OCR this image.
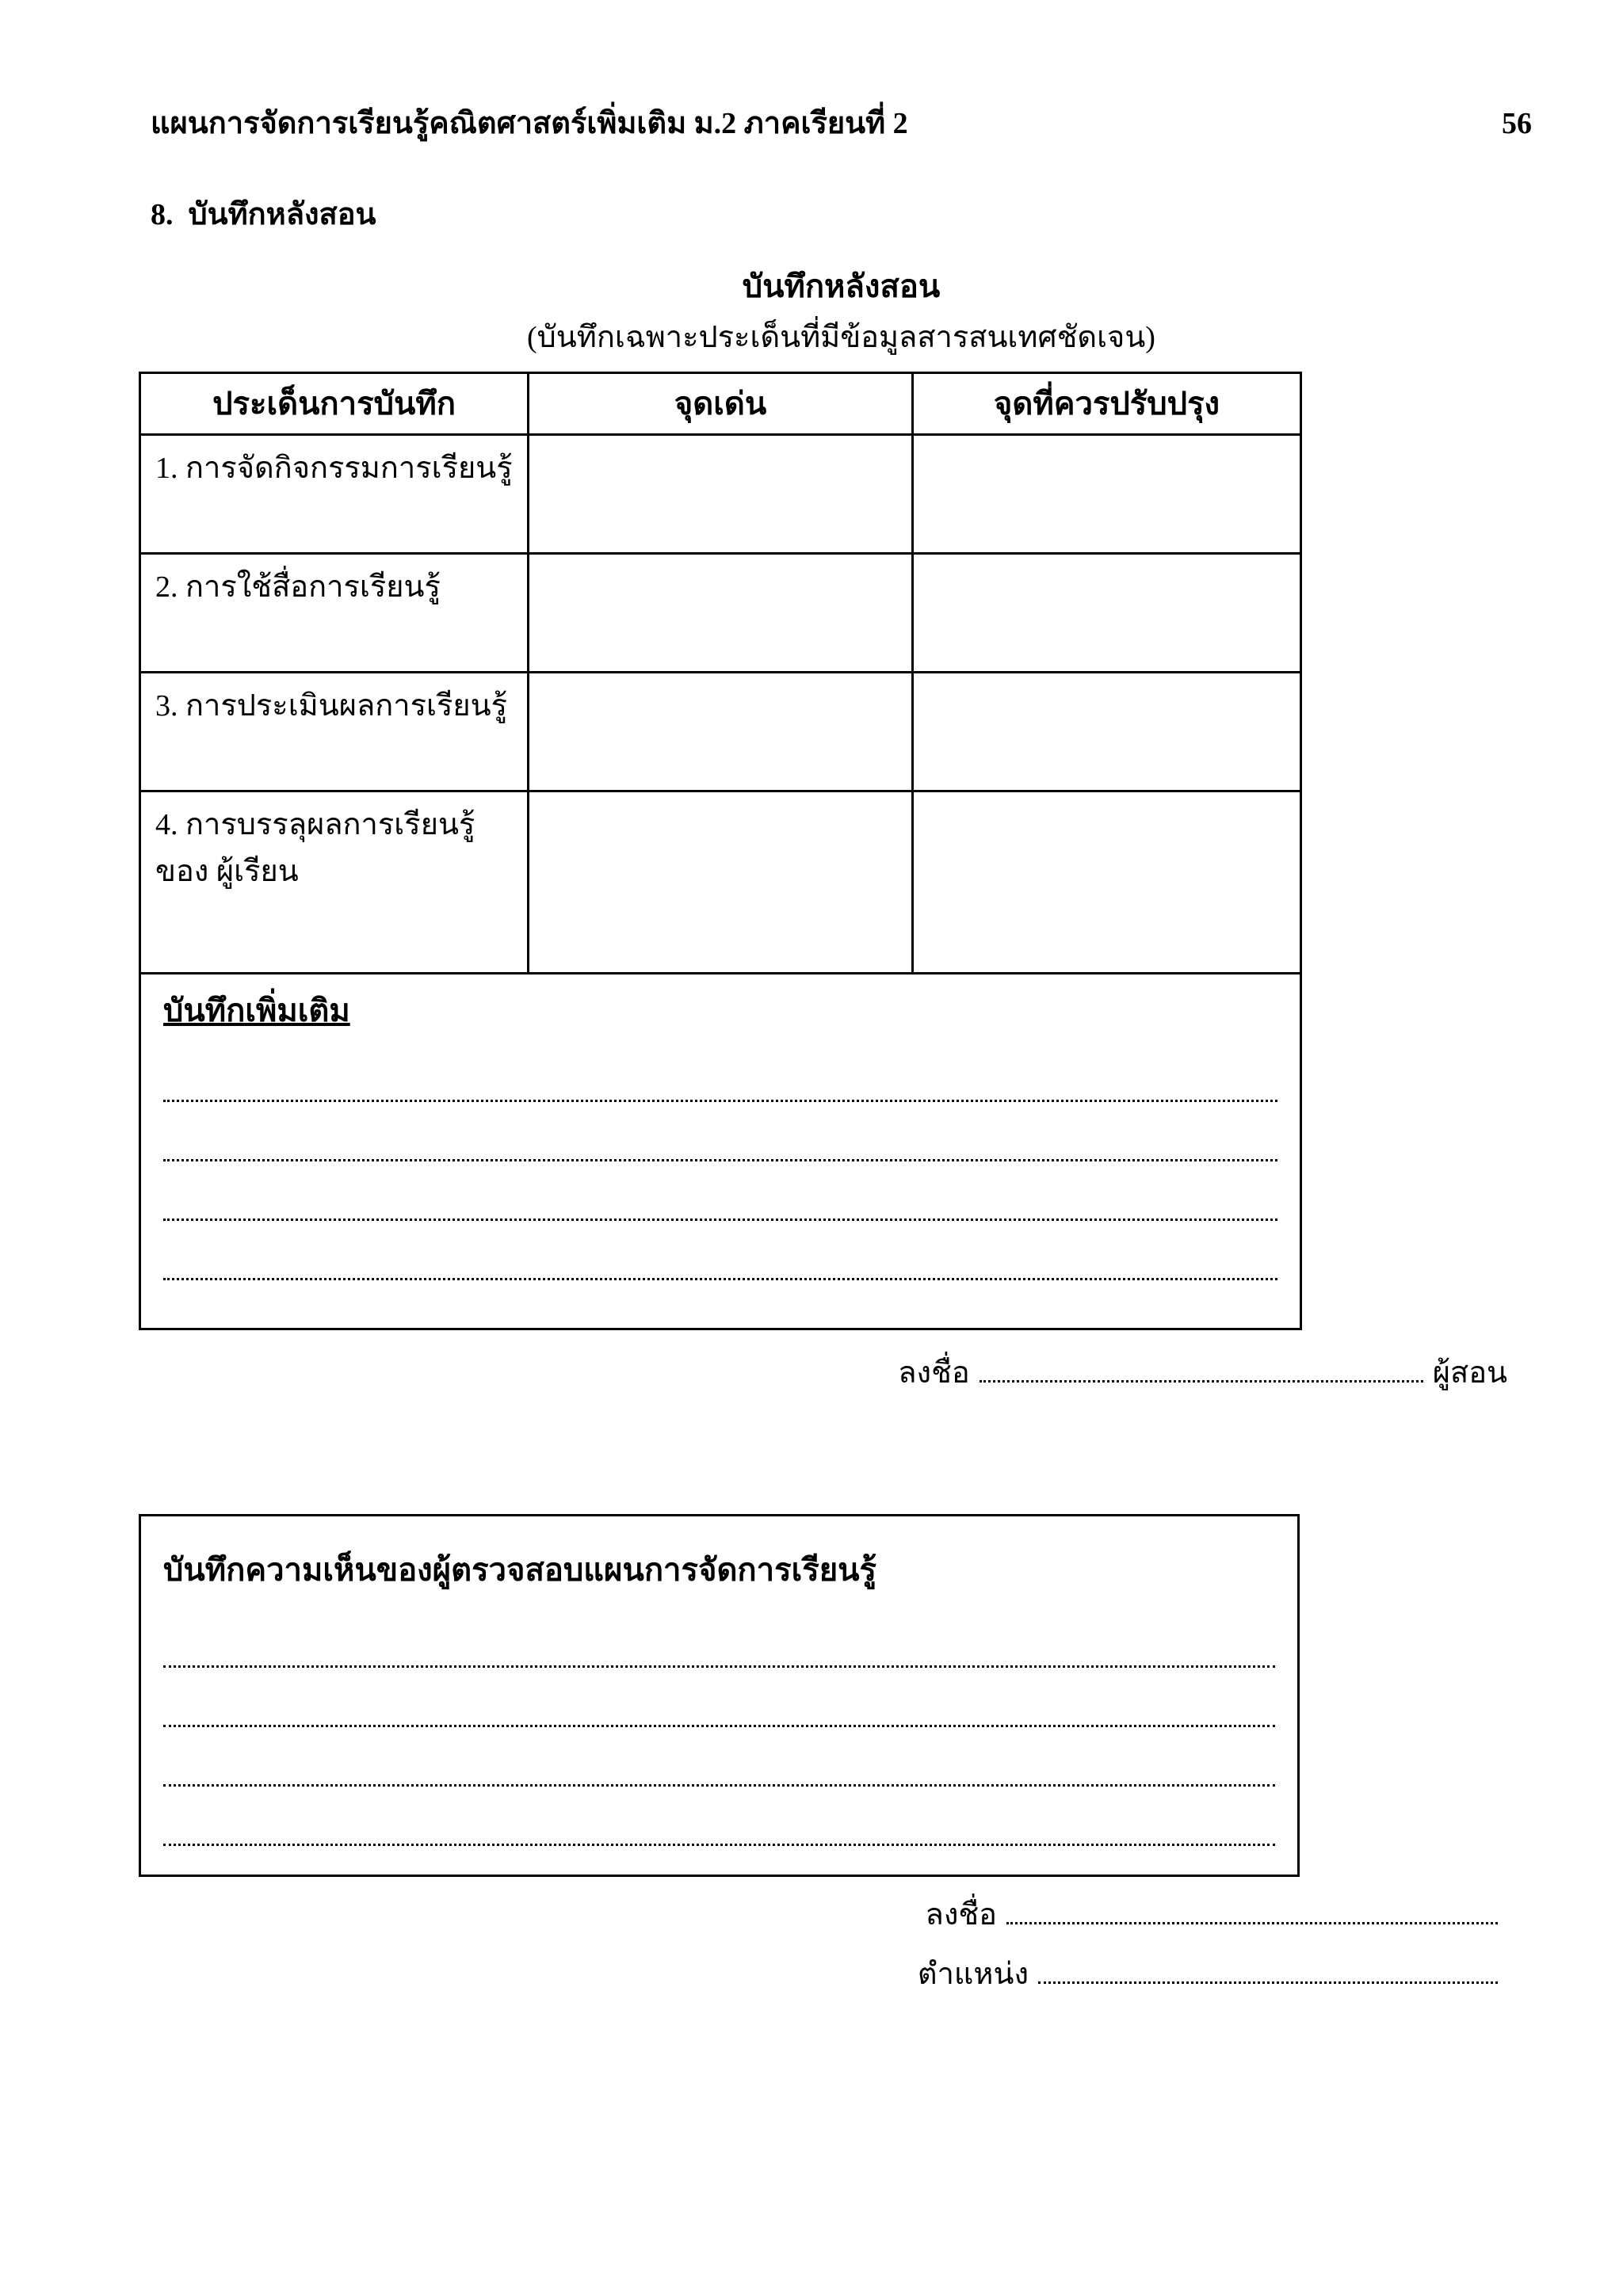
แผนการจัดการเรียนรู้คณิตศาสตร์เพิ่มเติม ม.2 ภาคเรียนที่ 2	56
8.  บันทึกหลังสอน
บันทึกหลังสอน
(บันทึกเฉพาะประเด็นที่มีข้อมูลสารสนเทศชัดเจน)
ประเด็นการบันทึก	จุดเด่น	จุดที่ควรปรับปรุง
1. การจัดกิจกรรมการเรียนรู้		
2. การใช้สื่อการเรียนรู้		
3. การประเมินผลการเรียนรู้		
4. การบรรลุผลการเรียนรู้ของ ผู้เรียน		

บันทึกเพิ่มเติม		
ลงชื่อ	ผู้สอน
บันทึกความเห็นของผู้ตรวจสอบแผนการจัดการเรียนรู้
ลงชื่อ
ตำแหน่ง
